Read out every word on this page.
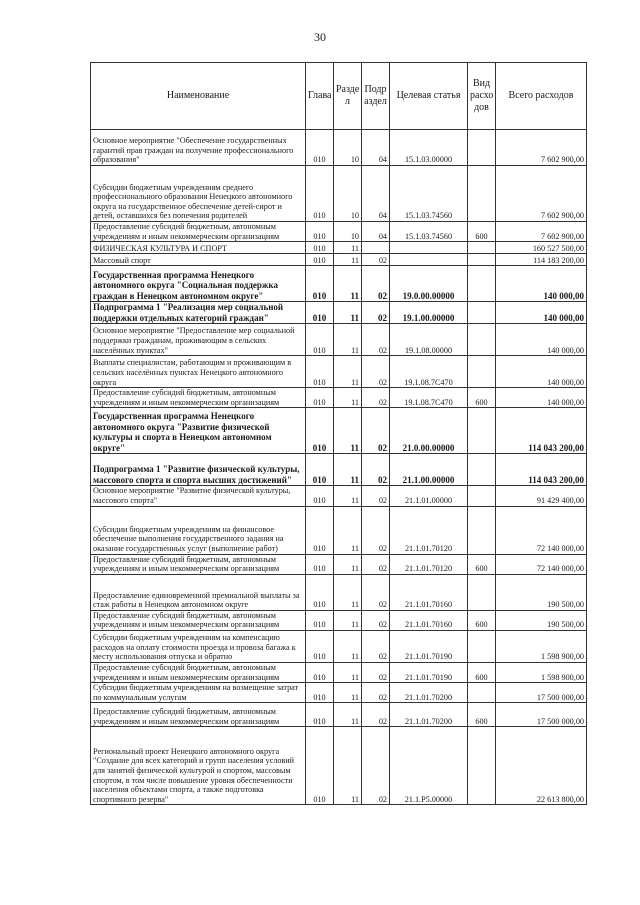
30
Наименование	Глава	Разде л	Подр аздел	Целевая статья	Вид расхо дов	Всего расходов
Основное мероприятие "Обеспечение государственных гарантий прав граждан на получение профессионального образования"	010	10	04	15.1.03.00000		7 602 900,00
Субсидии бюджетным учреждениям среднего профессионального образования Ненецкого автономного округа на государственное обеспечение детей-сирот и детей, оставшихся без попечения родителей	010	10	04	15.1.03.74560		7 602 900,00
Предоставление субсидий бюджетным, автономным учреждениям и иным некоммерческим организациям	010	10	04	15.1.03.74560	600	7 602 900,00
ФИЗИЧЕСКАЯ КУЛЬТУРА И СПОРТ	010	11				160 527 500,00
Массовый спорт	010	11	02			114 183 200,00
Государственная программа Ненецкого автономного округа "Социальная поддержка граждан в Ненецком автономном округе"	010	11	02	19.0.00.00000		140 000,00
Подпрограмма 1 "Реализация мер социальной поддержки отдельных категорий граждан"	010	11	02	19.1.00.00000		140 000,00
Основное мероприятие "Предоставление мер социальной поддержки гражданам, проживающим в сельских населённых пунктах"	010	11	02	19.1.08.00000		140 000,00
Выплаты специалистам, работающим и проживающим в сельских населённых пунктах Ненецкого автономного округа	010	11	02	19.1.08.7С470		140 000,00
Предоставление субсидий бюджетным, автономным учреждениям и иным некоммерческим организациям	010	11	02	19.1.08.7С470	600	140 000,00
Государственная программа Ненецкого автономного округа "Развитие физической культуры и спорта в Ненецком автономном округе"	010	11	02	21.0.00.00000		114 043 200,00
Подпрограмма 1 "Развитие физической культуры, массового спорта и спорта высших достижений"	010	11	02	21.1.00.00000		114 043 200,00
Основное мероприятие "Развитие физической культуры, массового спорта"	010	11	02	21.1.01.00000		91 429 400,00
Субсидии бюджетным учреждениям на финансовое обеспечение выполнения государственного задания на оказание государственных услуг (выполнение работ)	010	11	02	21.1.01.70120		72 140 000,00
Предоставление субсидий бюджетным, автономным учреждениям и иным некоммерческим организациям	010	11	02	21.1.01.70120	600	72 140 000,00
Предоставление единовременной премиальной выплаты за стаж работы в Ненецком автономном округе	010	11	02	21.1.01.70160		190 500,00
Предоставление субсидий бюджетным, автономным учреждениям и иным некоммерческим организациям	010	11	02	21.1.01.70160	600	190 500,00
Субсидии бюджетным учреждениям на компенсацию расходов на оплату стоимости проезда и провоза багажа к месту использования отпуска и обратно	010	11	02	21.1.01.70190		1 598 900,00
Предоставление субсидий бюджетным, автономным учреждениям и иным некоммерческим организациям	010	11	02	21.1.01.70190	600	1 598 900,00
Субсидии бюджетным учреждениям на возмещение затрат по коммунальным услугам	010	11	02	21.1.01.70200		17 500 000,00
Предоставление субсидий бюджетным, автономным учреждениям и иным некоммерческим организациям	010	11	02	21.1.01.70200	600	17 500 000,00
Региональный проект Ненецкого автономного округа "Создание для всех категорий и групп населения условий для занятий физической культурой и спортом, массовым спортом, в том числе повышение уровня обеспеченности населения объектами спорта, а также подготовка спортивного резерва"	010	11	02	21.1.Р5.00000		22 613 800,00
